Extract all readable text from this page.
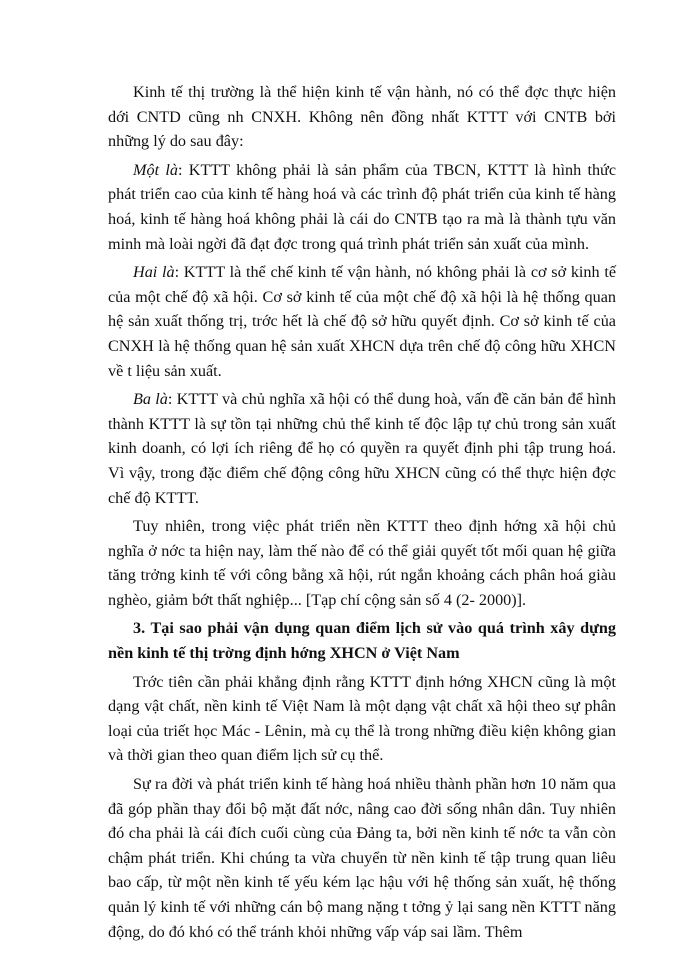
Kinh tế thị trường là thể hiện kinh tế vận hành, nó có thể đợc thực hiện dới CNTD cũng nh CNXH. Không nên đồng nhất KTTT với CNTB bởi những lý do sau đây:

Một là: KTTT không phải là sản phẩm của TBCN, KTTT là hình thức phát triển cao của kinh tế hàng hoá và các trình độ phát triển của kinh tế hàng hoá, kinh tế hàng hoá không phải là cái do CNTB tạo ra mà là thành tựu văn minh mà loài ngời đã đạt đợc trong quá trình phát triển sản xuất của mình.

Hai là: KTTT là thể chế kinh tế vận hành, nó không phải là cơ sở kinh tế của một chế độ xã hội. Cơ sở kinh tế của một chế độ xã hội là hệ thống quan hệ sản xuất thống trị, trớc hết là chế độ sở hữu quyết định. Cơ sở kinh tế của CNXH là hệ thống quan hệ sản xuất XHCN dựa trên chế độ công hữu XHCN về t liệu sản xuất.

Ba là: KTTT và chủ nghĩa xã hội có thể dung hoà, vấn đề căn bản để hình thành KTTT là sự tồn tại những chủ thể kinh tế độc lập tự chủ trong sản xuất kinh doanh, có lợi ích riêng để họ có quyền ra quyết định phi tập trung hoá. Vì vậy, trong đặc điểm chế động công hữu XHCN cũng có thể thực hiện đợc chế độ KTTT.

Tuy nhiên, trong việc phát triển nền KTTT theo định hớng xã hội chủ nghĩa ở nớc ta hiện nay, làm thế nào để có thể giải quyết tốt mối quan hệ giữa tăng trởng kinh tế với công bằng xã hội, rút ngắn khoảng cách phân hoá giàu nghèo, giảm bớt thất nghiệp... [Tạp chí cộng sản số 4 (2- 2000)].

3. Tại sao phải vận dụng quan điểm lịch sử vào quá trình xây dựng nền kinh tế thị trờng định hớng XHCN ở Việt Nam

Trớc tiên cần phải khẳng định rằng KTTT định hớng XHCN cũng là một dạng vật chất, nền kinh tế Việt Nam là một dạng vật chất xã hội theo sự phân loại của triết học Mác - Lênin, mà cụ thể là trong những điều kiện không gian và thời gian theo quan điểm lịch sử cụ thể.

Sự ra đời và phát triển kinh tế hàng hoá nhiều thành phần hơn 10 năm qua đã góp phần thay đổi bộ mặt đất nớc, nâng cao đời sống nhân dân. Tuy nhiên đó cha phải là cái đích cuối cùng của Đảng ta, bởi nền kinh tế nớc ta vẫn còn chậm phát triển. Khi chúng ta vừa chuyển từ nền kinh tế tập trung quan liêu bao cấp, từ một nền kinh tế yếu kém lạc hậu với hệ thống sản xuất, hệ thống quản lý kinh tế với những cán bộ mang nặng t tởng ỷ lại sang nền KTTT năng động, do đó khó có thể tránh khỏi những vấp váp sai lầm. Thêm
